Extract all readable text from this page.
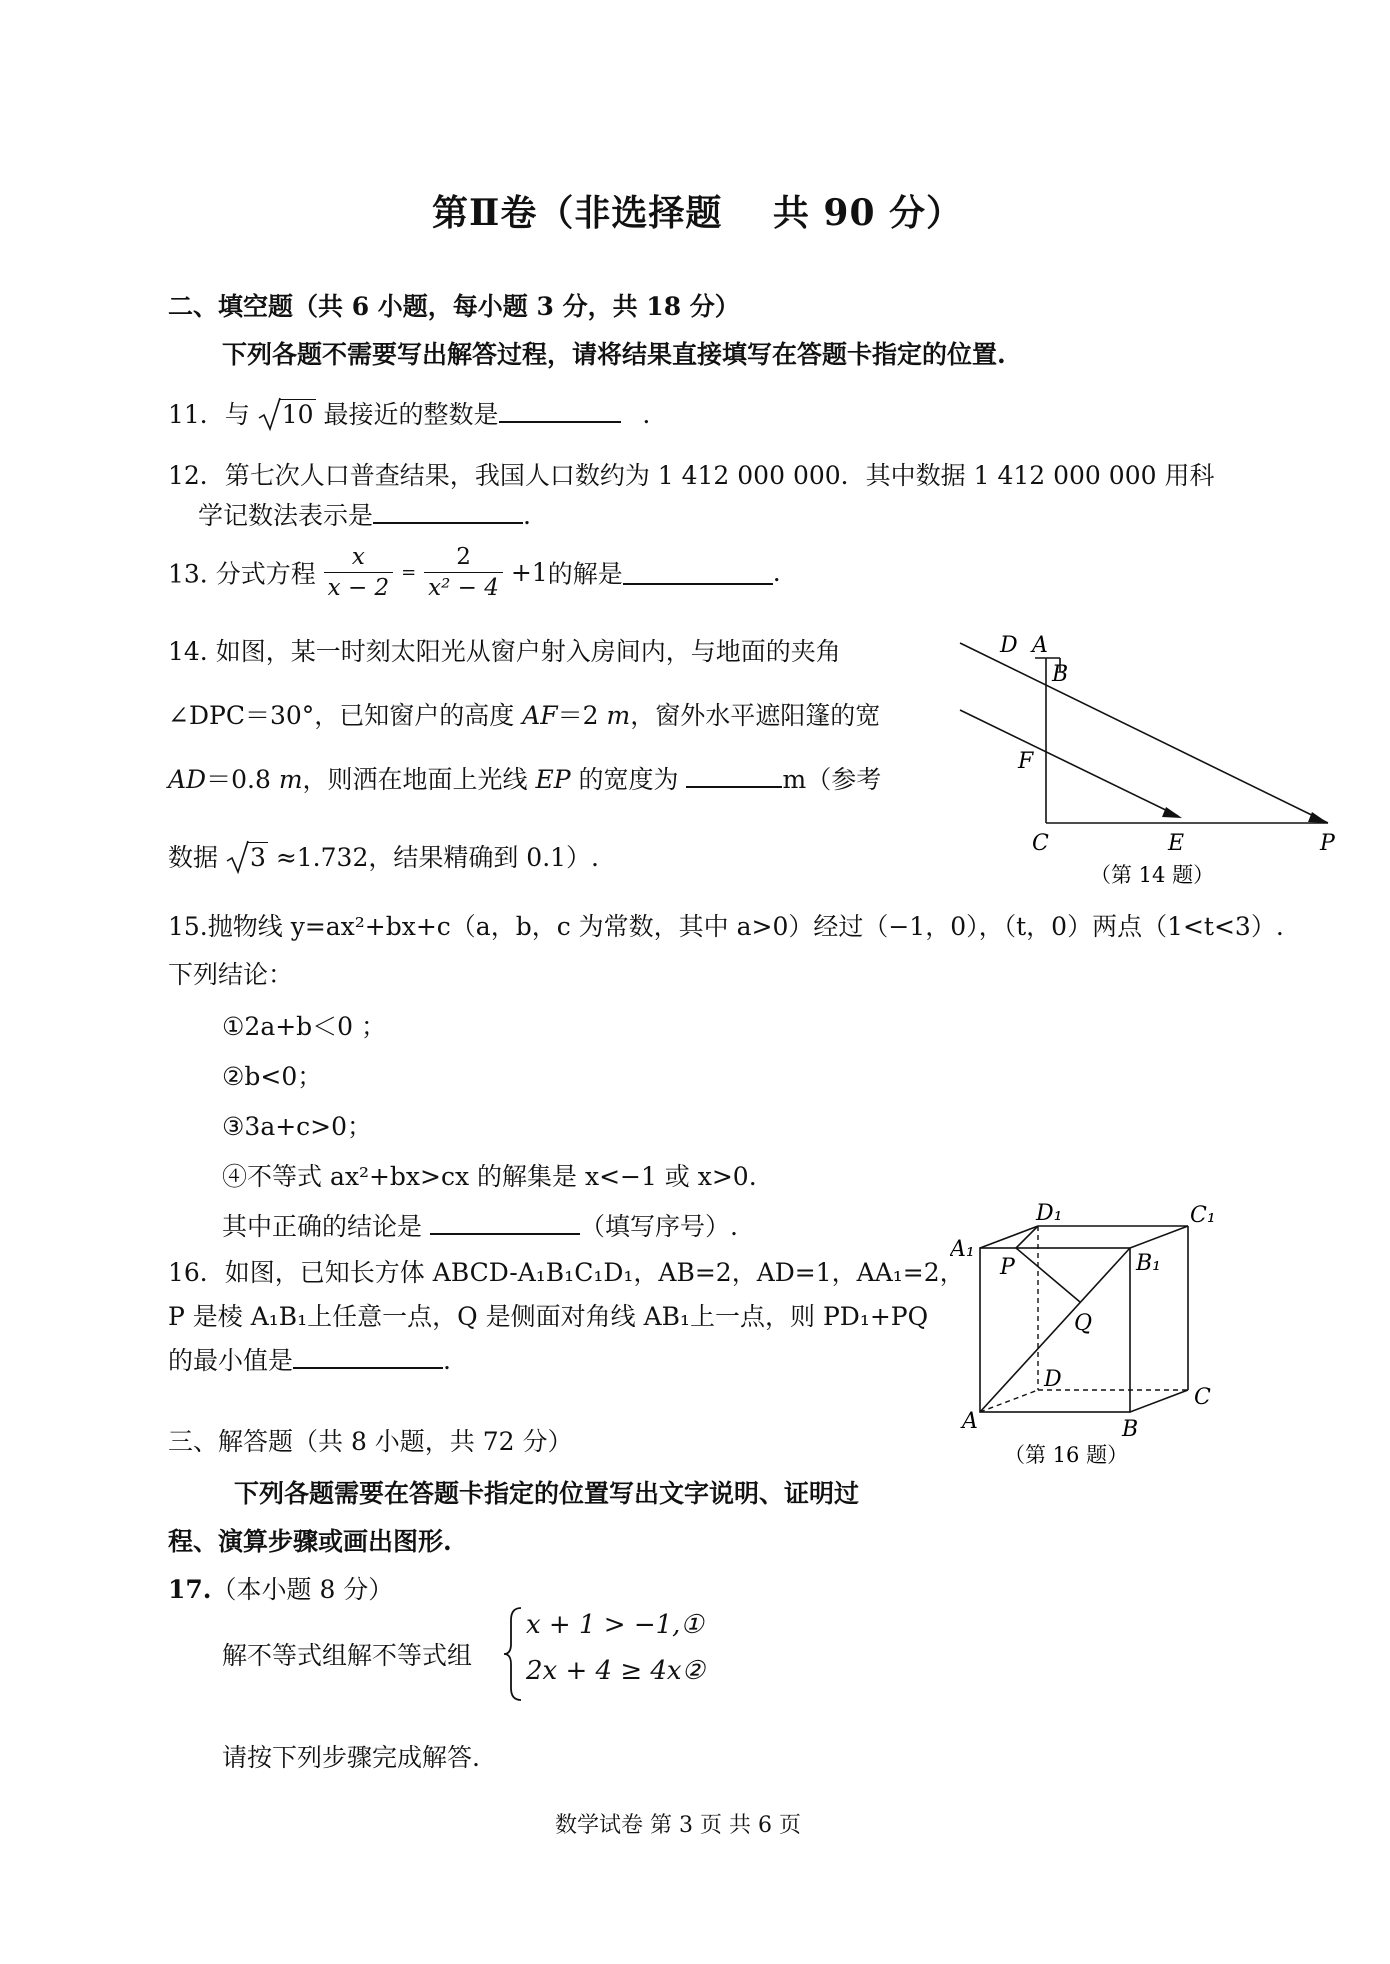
第Ⅱ卷（非选择题　 共 90 分）
二、填空题（共 6 小题，每小题 3 分，共 18 分）
下列各题不需要写出解答过程，请将结果直接填写在答题卡指定的位置.
11．与 10 最接近的整数是	．
12．第七次人口普查结果，我国人口数约为 1 412 000 000．其中数据 1 412 000 000 用科
学记数法表示是	.
13. 分式方程 $\frac{x}{x - 2} = \frac{2}{\text{x² − 4}} +1$的解是	.
14. 如图，某一时刻太阳光从窗户射入房间内，与地面的夹角
∠DPC＝30°，已知窗户的高度 AF＝2 m，窗外水平遮阳篷的宽
AD＝0.8 m，则洒在地面上光线 EP 的宽度为	m（参考
数据 3 ≈1.732，结果精确到 0.1）.
D A
B
F
C	E	P
（第 14 题）
15.抛物线 y=ax²+bx+c（a，b，c 为常数，其中 a>0）经过（−1，0），（t，0）两点（1<t<3）.
下列结论：
①2a+b＜0 ；
②b<0；
③3a+c>0；
④不等式 ax²+bx>cx 的解集是 x<−1 或 x>0.
其中正确的结论是	（填写序号）.
16．如图，已知长方体 ABCD-A₁B₁C₁D₁，AB=2，AD=1，AA₁=2，
P 是棱 A₁B₁上任意一点，Q 是侧面对角线 AB₁上一点，则 PD₁+PQ
的最小值是	.
D₁	C₁
A₁
P	B₁
Q
D
C
A	B
（第 16 题）
三、解答题（共 8 小题，共 72 分）
下列各题需要在答题卡指定的位置写出文字说明、证明过
程、演算步骤或画出图形.
17.（本小题 8 分）
解不等式组解不等式组
x + 1 > −1,①
2x + 4 ≥ 4x②
请按下列步骤完成解答.
数学试卷 第 3 页 共 6 页
